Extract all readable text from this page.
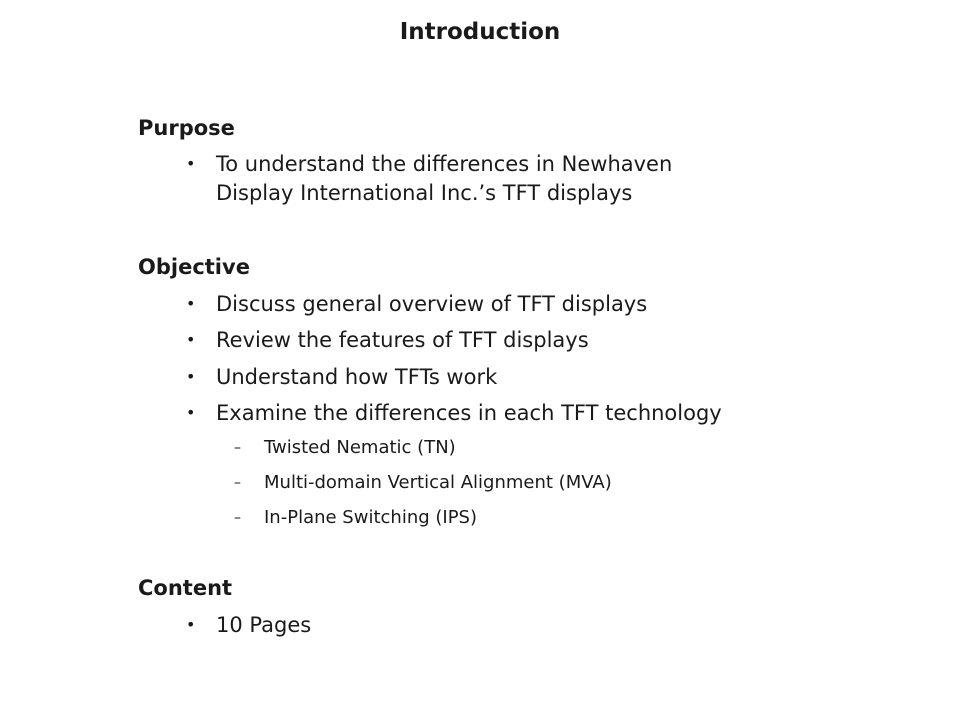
Introduction
Purpose
• To understand the differences in Newhaven
Display International Inc.’s TFT displays
Objective
• Discuss general overview of TFT displays
• Review the features of TFT displays
• Understand how TFTs work
• Examine the differences in each TFT technology
– Twisted Nematic (TN)
– Multi-domain Vertical Alignment (MVA)
– In-Plane Switching (IPS)
Content
• 10 Pages
